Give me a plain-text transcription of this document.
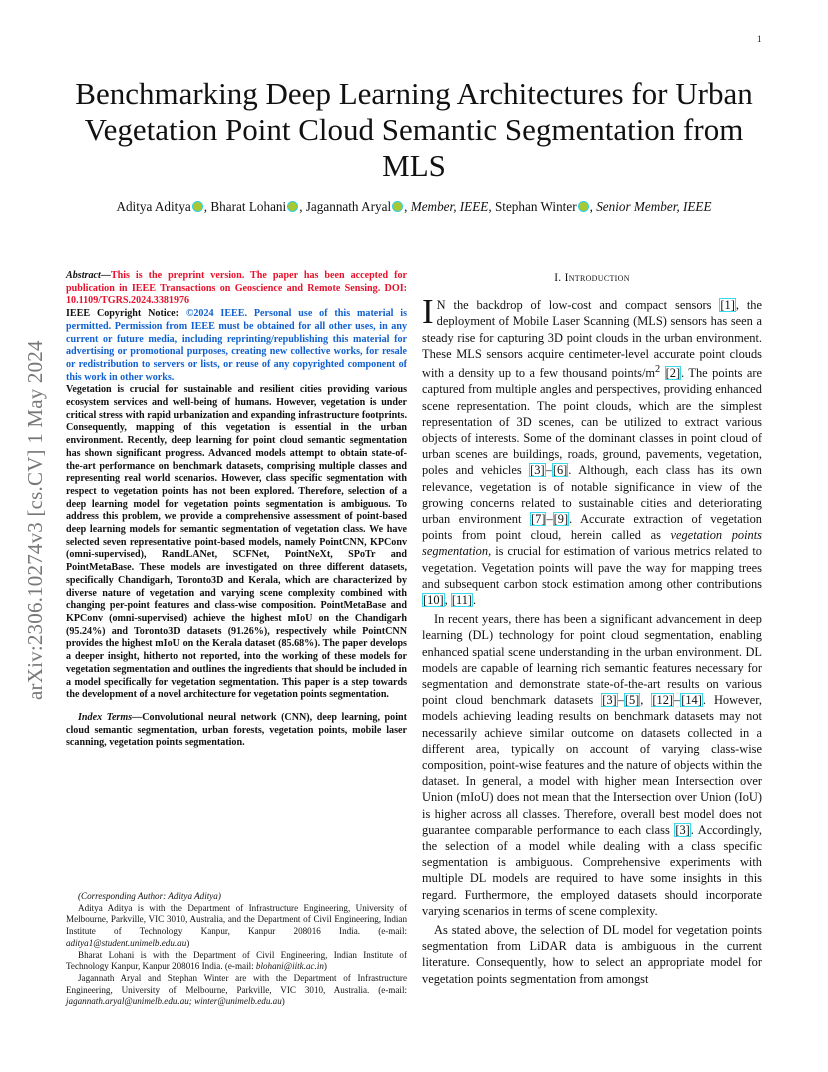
1
arXiv:2306.10274v3 [cs.CV] 1 May 2024
Benchmarking Deep Learning Architectures for Urban Vegetation Point Cloud Semantic Segmentation from MLS
Aditya Aditya , Bharat Lohani , Jagannath Aryal , Member, IEEE, Stephan Winter , Senior Member, IEEE

Abstract—This is the preprint version. The paper has been accepted for publication in IEEE Transactions on Geoscience and Remote Sensing. DOI: 10.1109/TGRS.2024.3381976
IEEE Copyright Notice: ©2024 IEEE. Personal use of this material is permitted. Permission from IEEE must be obtained for all other uses, in any current or future media, including reprinting/republishing this material for advertising or promotional purposes, creating new collective works, for resale or redistribution to servers or lists, or reuse of any copyrighted component of this work in other works.
Vegetation is crucial for sustainable and resilient cities providing various ecosystem services and well-being of humans. However, vegetation is under critical stress with rapid urbanization and expanding infrastructure footprints. Consequently, mapping of this vegetation is essential in the urban environment. Recently, deep learning for point cloud semantic segmentation has shown significant progress. Advanced models attempt to obtain state-of-the-art performance on benchmark datasets, comprising multiple classes and representing real world scenarios. However, class specific segmentation with respect to vegetation points has not been explored. Therefore, selection of a deep learning model for vegetation points segmentation is ambiguous. To address this problem, we provide a comprehensive assessment of point-based deep learning models for semantic segmentation of vegetation class. We have selected seven representative point-based models, namely PointCNN, KPConv (omni-supervised), RandLANet, SCFNet, PointNeXt, SPoTr and PointMetaBase. These models are investigated on three different datasets, specifically Chandigarh, Toronto3D and Kerala, which are characterized by diverse nature of vegetation and varying scene complexity combined with changing per-point features and class-wise composition. PointMetaBase and KPConv (omni-supervised) achieve the highest mIoU on the Chandigarh (95.24%) and Toronto3D datasets (91.26%), respectively while PointCNN provides the highest mIoU on the Kerala dataset (85.68%). The paper develops a deeper insight, hitherto not reported, into the working of these models for vegetation segmentation and outlines the ingredients that should be included in a model specifically for vegetation segmentation. This paper is a step towards the development of a novel architecture for vegetation points segmentation.

Index Terms—Convolutional neural network (CNN), deep learning, point cloud semantic segmentation, urban forests, vegetation points, mobile laser scanning, vegetation points segmentation.

(Corresponding Author: Aditya Aditya)

Aditya Aditya is with the Department of Infrastructure Engineering, University of Melbourne, Parkville, VIC 3010, Australia, and the Department of Civil Engineering, Indian Institute of Technology Kanpur, Kanpur 208016 India. (e-mail: aditya1@student.unimelb.edu.au)

Bharat Lohani is with the Department of Civil Engineering, Indian Institute of Technology Kanpur, Kanpur 208016 India. (e-mail: blohani@iitk.ac.in)

Jagannath Aryal and Stephan Winter are with the Department of Infrastructure Engineering, University of Melbourne, Parkville, VIC 3010, Australia. (e-mail: jagannath.aryal@unimelb.edu.au; winter@unimelb.edu.au)

I. Introduction

I N the backdrop of low-cost and compact sensors [1], the deployment of Mobile Laser Scanning (MLS) sensors has seen a steady rise for capturing 3D point clouds in the urban environment. These MLS sensors acquire centimeter-level accurate point clouds with a density up to a few thousand points/$m^2$ [2]. The points are captured from multiple angles and perspectives, providing enhanced scene representation. The point clouds, which are the simplest representation of 3D scenes, can be utilized to extract various objects of interests. Some of the dominant classes in point cloud of urban scenes are buildings, roads, ground, pavements, vegetation, poles and vehicles [3]–[6]. Although, each class has its own relevance, vegetation is of notable significance in view of the growing concerns related to sustainable cities and deteriorating urban environment [7]–[9]. Accurate extraction of vegetation points from point cloud, herein called as vegetation points segmentation, is crucial for estimation of various metrics related to vegetation. Vegetation points will pave the way for mapping trees and subsequent carbon stock estimation among other contributions [10], [11].

In recent years, there has been a significant advancement in deep learning (DL) technology for point cloud segmentation, enabling enhanced spatial scene understanding in the urban environment. DL models are capable of learning rich semantic features necessary for segmentation and demonstrate state-of-the-art results on various point cloud benchmark datasets [3]–[5], [12]–[14]. However, models achieving leading results on benchmark datasets may not necessarily achieve similar outcome on datasets collected in a different area, typically on account of varying class-wise composition, point-wise features and the nature of objects within the dataset. In general, a model with higher mean Intersection over Union (mIoU) does not mean that the Intersection over Union (IoU) is higher across all classes. Therefore, overall best model does not guarantee comparable performance to each class [3]. Accordingly, the selection of a model while dealing with a class specific segmentation is ambiguous. Comprehensive experiments with multiple DL models are required to have some insights in this regard. Furthermore, the employed datasets should incorporate varying scenarios in terms of scene complexity.

As stated above, the selection of DL model for vegetation points segmentation from LiDAR data is ambiguous in the current literature. Consequently, how to select an appropriate model for vegetation points segmentation from amongst
